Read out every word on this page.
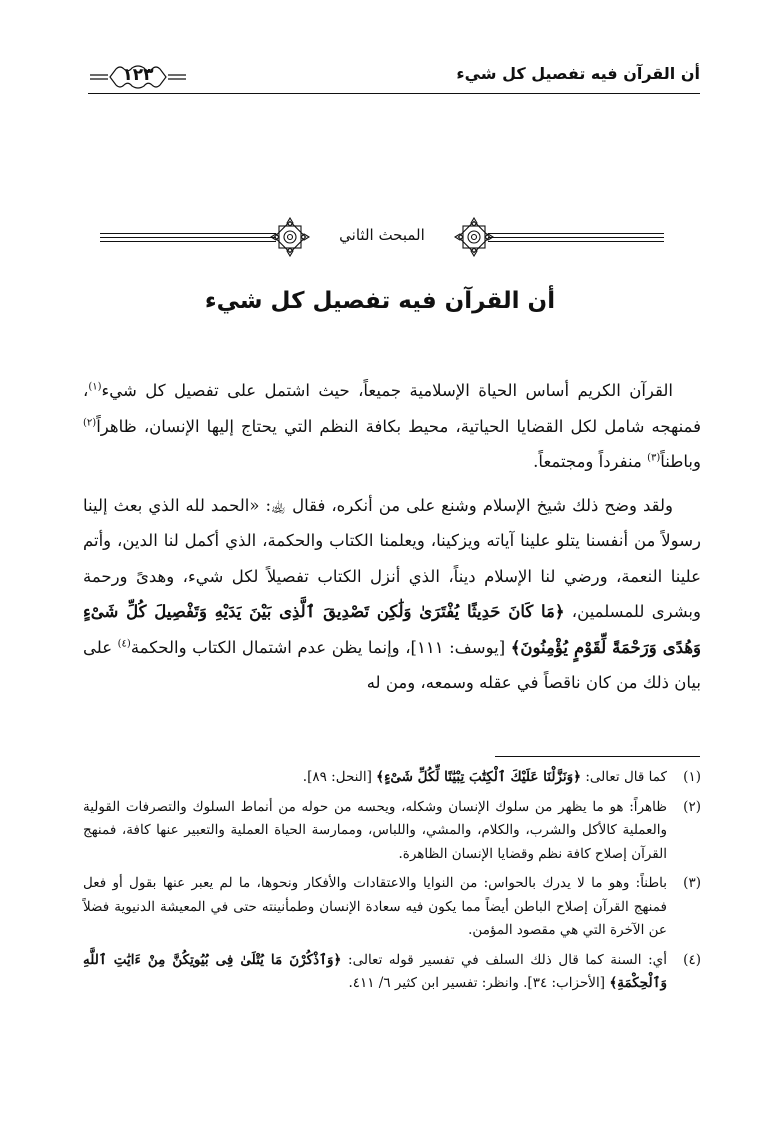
أن القرآن فيه تفصيل كل شيء
١٢٣
المبحث الثاني
أن القرآن فيه تفصيل كل شيء

القرآن الكريم أساس الحياة الإسلامية جميعاً، حيث اشتمل على تفصيل كل شيء$^{(١)}$، فمنهجه شامل لكل القضايا الحياتية، محيط بكافة النظم التي يحتاج إليها الإنسان، ظاهراً$^{(٢)}$ وباطناً$^{(٣)}$ منفرداً ومجتمعاً.

ولقد وضح ذلك شيخ الإسلام وشنع على من أنكره، فقال ﵀: «الحمد لله الذي بعث إلينا رسولاً من أنفسنا يتلو علينا آياته ويزكينا، ويعلمنا الكتاب والحكمة، الذي أكمل لنا الدين، وأتم علينا النعمة، ورضي لنا الإسلام ديناً، الذي أنزل الكتاب تفصيلاً لكل شيء، وهدىً ورحمة وبشرى للمسلمين، ﴿مَا كَانَ حَدِيثًا يُفْتَرَىٰ وَلَٰكِن تَصْدِيقَ ٱلَّذِى بَيْنَ يَدَيْهِ وَتَفْصِيلَ كُلِّ شَىْءٍ وَهُدًى وَرَحْمَةً لِّقَوْمٍ يُؤْمِنُونَ﴾ [يوسف: ١١١]، وإنما يظن عدم اشتمال الكتاب والحكمة$^{(٤)}$ على بيان ذلك من كان ناقصاً في عقله وسمعه، ومن له

(١)
كما قال تعالى: ﴿وَنَزَّلْنَا عَلَيْكَ ٱلْكِتَٰبَ تِبْيَٰنًا لِّكُلِّ شَىْءٍ﴾ [النحل: ٨٩].
(٢)
ظاهراً: هو ما يظهر من سلوك الإنسان وشكله، ويحسه من حوله من أنماط السلوك والتصرفات القولية والعملية كالأكل والشرب، والكلام، والمشي، واللباس، وممارسة الحياة العملية والتعبير عنها كافة، فمنهج القرآن إصلاح كافة نظم وقضايا الإنسان الظاهرة.
(٣)
باطناً: وهو ما لا يدرك بالحواس: من النوايا والاعتقادات والأفكار ونحوها، ما لم يعبر عنها بقول أو فعل فمنهج القرآن إصلاح الباطن أيضاً مما يكون فيه سعادة الإنسان وطمأنينته حتى في المعيشة الدنيوية فضلاً عن الآخرة التي هي مقصود المؤمن.
(٤)
أي: السنة كما قال ذلك السلف في تفسير قوله تعالى: ﴿وَٱذْكُرْنَ مَا يُتْلَىٰ فِى بُيُوتِكُنَّ مِنْ ءَايَٰتِ ٱللَّهِ وَٱلْحِكْمَةِ﴾ [الأحزاب: ٣٤]. وانظر: تفسير ابن كثير ٦/ ٤١١.
